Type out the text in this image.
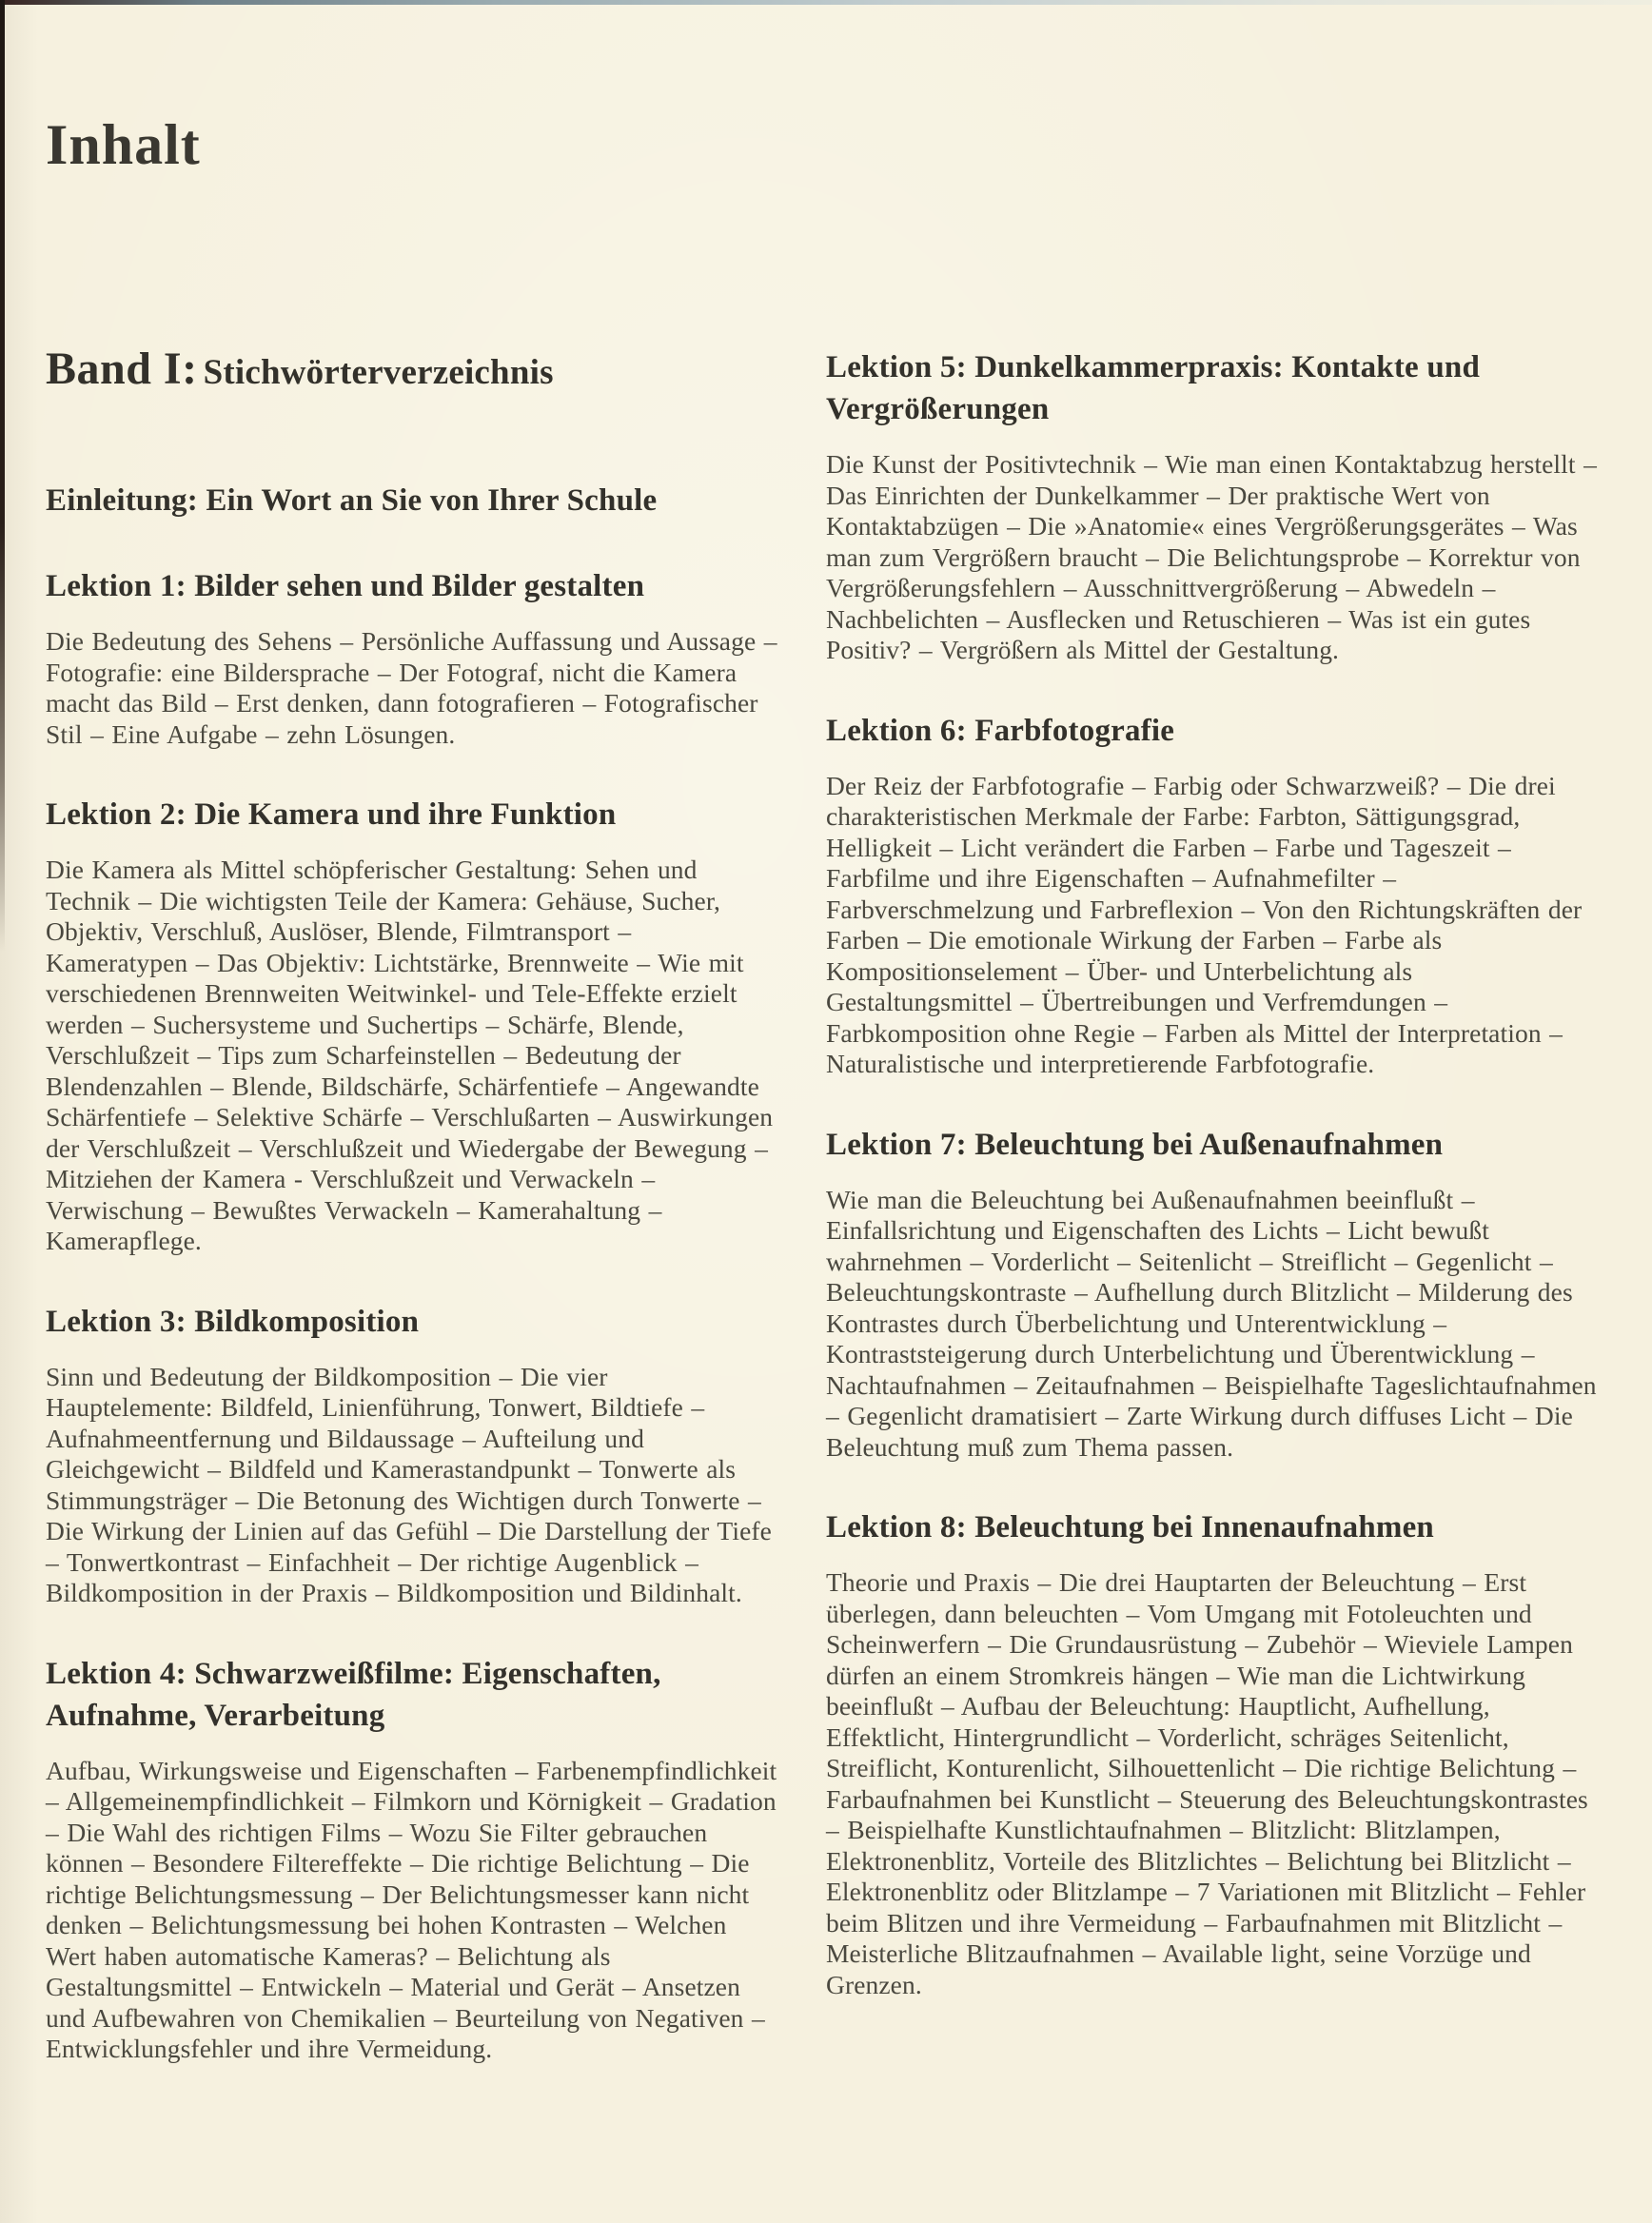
Inhalt
Band I: Stichwörterverzeichnis
Einleitung: Ein Wort an Sie von Ihrer Schule
Lektion 1: Bilder sehen und Bilder gestalten

Die Bedeutung des Sehens – Persönliche Auffassung und Aussage – Fotografie: eine Bildersprache – Der Fotograf, nicht die Kamera macht das Bild – Erst denken, dann fotografieren – Fotografischer Stil – Eine Aufgabe – zehn Lösungen.

Lektion 2: Die Kamera und ihre Funktion

Die Kamera als Mittel schöpferischer Gestaltung: Sehen und Technik – Die wichtigsten Teile der Kamera: Gehäuse, Sucher, Objektiv, Verschluß, Auslöser, Blende, Filmtransport – Kameratypen – Das Objektiv: Lichtstärke, Brennweite – Wie mit verschiedenen Brennweiten Weitwinkel- und Tele-Effekte erzielt werden – Suchersysteme und Suchertips – Schärfe, Blende, Verschlußzeit – Tips zum Scharfeinstellen – Bedeutung der Blendenzahlen – Blende, Bildschärfe, Schärfentiefe – Angewandte Schärfentiefe – Selektive Schärfe – Verschlußarten – Auswirkungen der Verschlußzeit – Verschlußzeit und Wiedergabe der Bewegung – Mitziehen der Kamera - Verschlußzeit und Verwackeln – Verwischung – Bewußtes Verwackeln – Kamerahaltung – Kamerapflege.

Lektion 3: Bildkomposition

Sinn und Bedeutung der Bildkomposition – Die vier Hauptelemente: Bildfeld, Linienführung, Tonwert, Bildtiefe – Aufnahmeentfernung und Bildaussage – Aufteilung und Gleichgewicht – Bildfeld und Kamerastandpunkt – Tonwerte als Stimmungsträger – Die Betonung des Wichtigen durch Tonwerte – Die Wirkung der Linien auf das Gefühl – Die Darstellung der Tiefe – Tonwertkontrast – Einfachheit – Der richtige Augenblick – Bildkomposition in der Praxis – Bildkomposition und Bildinhalt.

Lektion 4: Schwarzweißfilme: Eigenschaften, Aufnahme, Verarbeitung

Aufbau, Wirkungsweise und Eigenschaften – Farbenempfindlichkeit – Allgemeinempfindlichkeit – Filmkorn und Körnigkeit – Gradation – Die Wahl des richtigen Films – Wozu Sie Filter gebrauchen können – Besondere Filtereffekte – Die richtige Belichtung – Die richtige Belichtungsmessung – Der Belichtungsmesser kann nicht denken – Belichtungsmessung bei hohen Kontrasten – Welchen Wert haben automatische Kameras? – Belichtung als Gestaltungsmittel – Entwickeln – Material und Gerät – Ansetzen und Aufbewahren von Chemikalien – Beurteilung von Negativen – Entwicklungsfehler und ihre Vermeidung.

Lektion 5: Dunkelkammerpraxis: Kontakte und Vergrößerungen

Die Kunst der Positivtechnik – Wie man einen Kontaktabzug herstellt – Das Einrichten der Dunkelkammer – Der praktische Wert von Kontaktabzügen – Die »Anatomie« eines Vergrößerungsgerätes – Was man zum Vergrößern braucht – Die Belichtungsprobe – Korrektur von Vergrößerungsfehlern – Ausschnittvergrößerung – Abwedeln – Nachbelichten – Ausflecken und Retuschieren – Was ist ein gutes Positiv? – Vergrößern als Mittel der Gestaltung.

Lektion 6: Farbfotografie

Der Reiz der Farbfotografie – Farbig oder Schwarzweiß? – Die drei charakteristischen Merkmale der Farbe: Farbton, Sättigungsgrad, Helligkeit – Licht verändert die Farben – Farbe und Tageszeit – Farbfilme und ihre Eigenschaften – Aufnahmefilter – Farbverschmelzung und Farbreflexion – Von den Richtungskräften der Farben – Die emotionale Wirkung der Farben – Farbe als Kompositionselement – Über- und Unterbelichtung als Gestaltungsmittel – Übertreibungen und Verfremdungen – Farbkomposition ohne Regie – Farben als Mittel der Interpretation – Naturalistische und interpretierende Farbfotografie.

Lektion 7: Beleuchtung bei Außenaufnahmen

Wie man die Beleuchtung bei Außenaufnahmen beeinflußt – Einfallsrichtung und Eigenschaften des Lichts – Licht bewußt wahrnehmen – Vorderlicht – Seitenlicht – Streiflicht – Gegenlicht – Beleuchtungskontraste – Aufhellung durch Blitzlicht – Milderung des Kontrastes durch Überbelichtung und Unterentwicklung – Kontraststeigerung durch Unterbelichtung und Überentwicklung – Nachtaufnahmen – Zeitaufnahmen – Beispielhafte Tageslichtaufnahmen – Gegenlicht dramatisiert – Zarte Wirkung durch diffuses Licht – Die Beleuchtung muß zum Thema passen.

Lektion 8: Beleuchtung bei Innenaufnahmen

Theorie und Praxis – Die drei Hauptarten der Beleuchtung – Erst überlegen, dann beleuchten – Vom Umgang mit Fotoleuchten und Scheinwerfern – Die Grundausrüstung – Zubehör – Wieviele Lampen dürfen an einem Stromkreis hängen – Wie man die Lichtwirkung beeinflußt – Aufbau der Beleuchtung: Hauptlicht, Aufhellung, Effektlicht, Hintergrundlicht – Vorderlicht, schräges Seitenlicht, Streiflicht, Konturenlicht, Silhouettenlicht – Die richtige Belichtung – Farbaufnahmen bei Kunstlicht – Steuerung des Beleuchtungskontrastes – Beispielhafte Kunstlichtaufnahmen – Blitzlicht: Blitzlampen, Elektronenblitz, Vorteile des Blitzlichtes – Belichtung bei Blitzlicht – Elektronenblitz oder Blitzlampe – 7 Variationen mit Blitzlicht – Fehler beim Blitzen und ihre Vermeidung – Farbaufnahmen mit Blitzlicht – Meisterliche Blitzaufnahmen – Available light, seine Vorzüge und Grenzen.
